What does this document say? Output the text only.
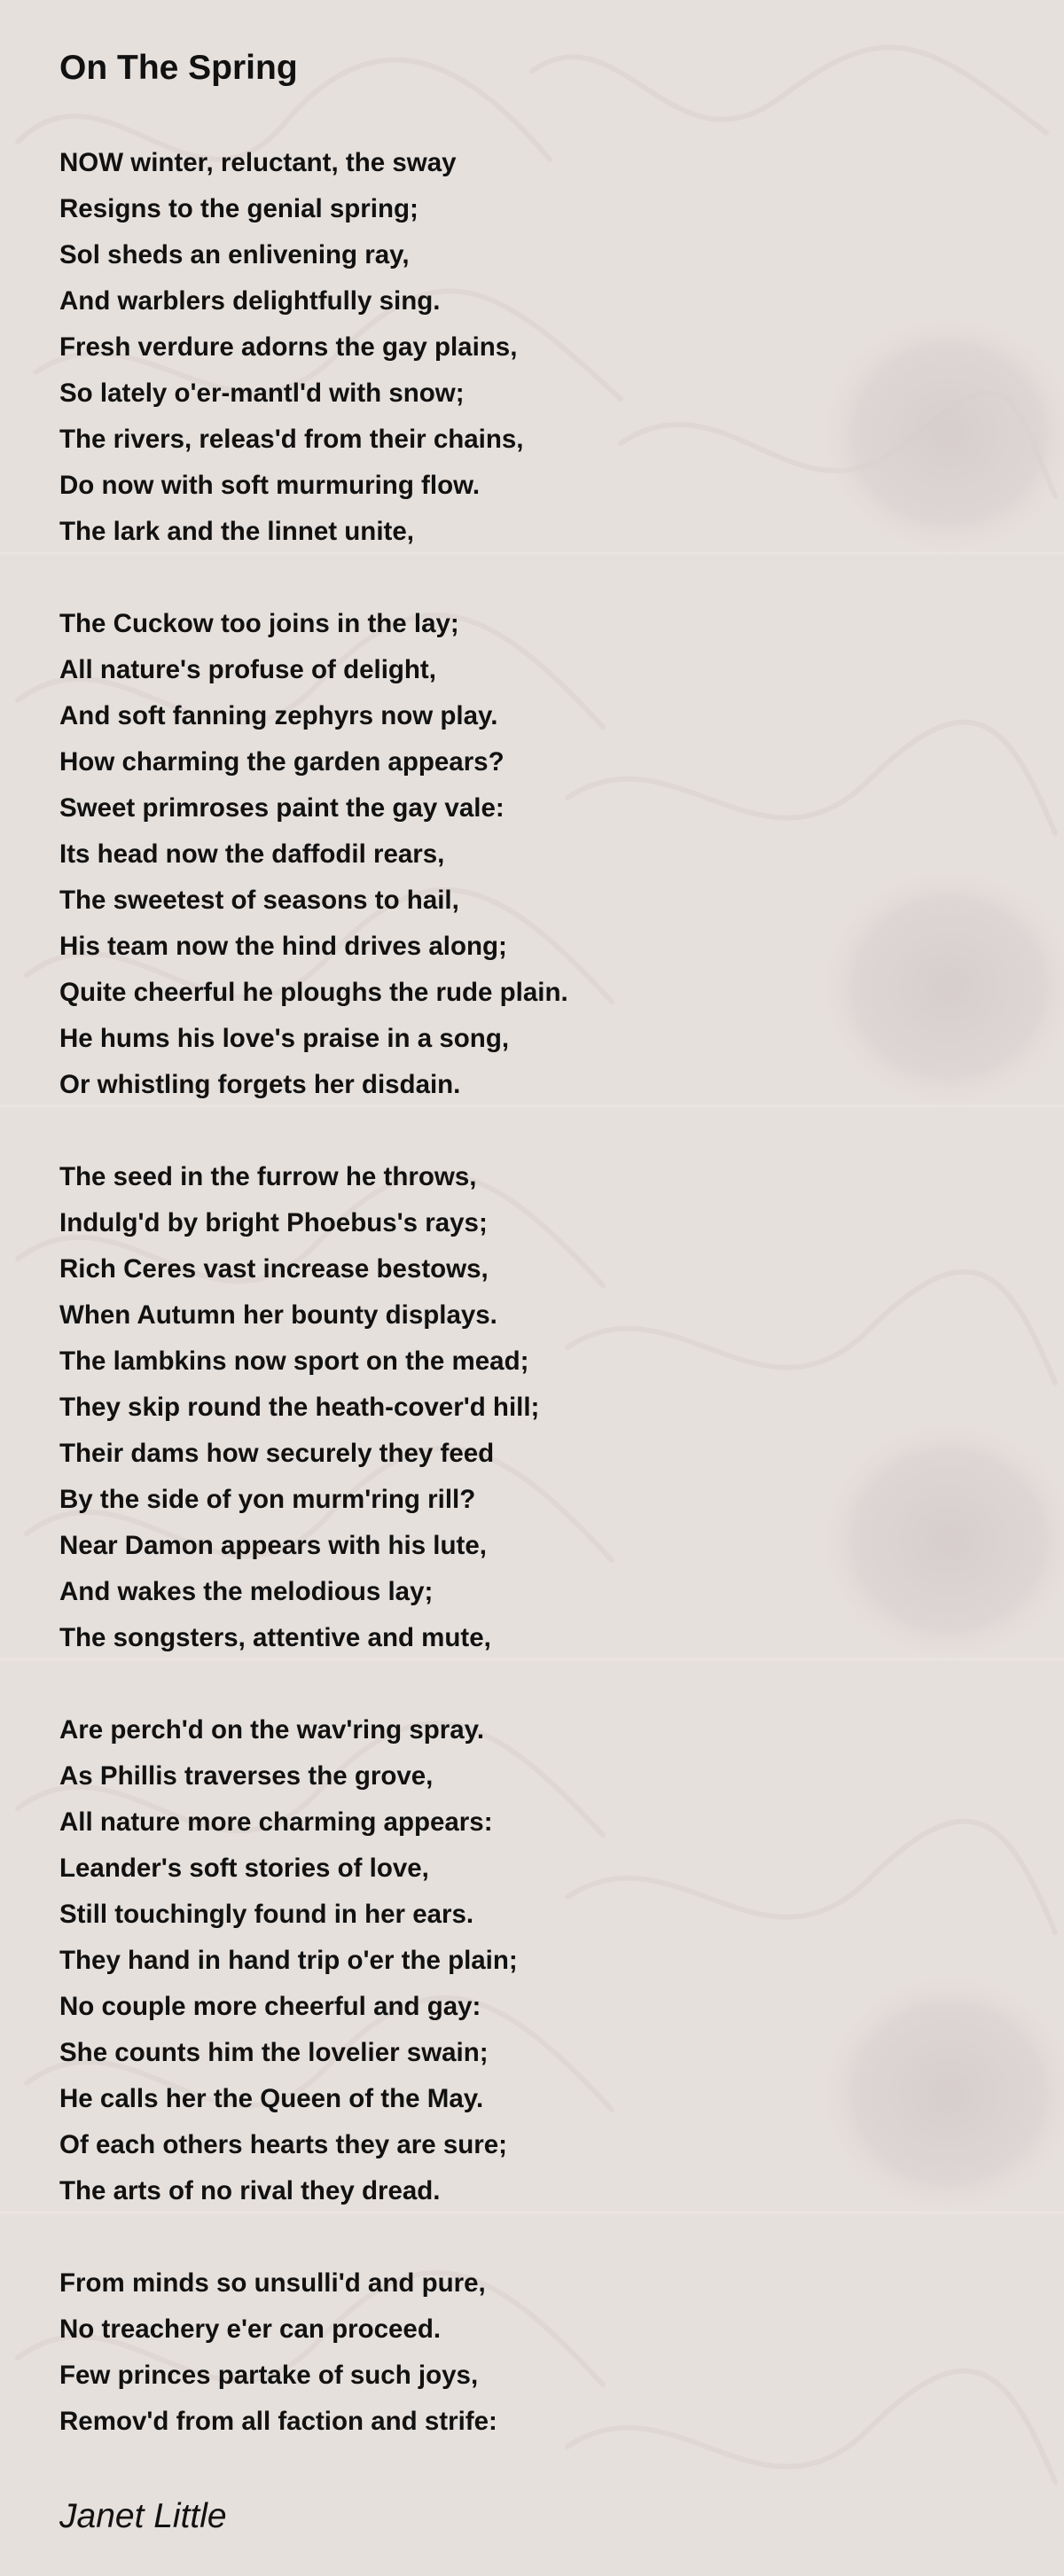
On The Spring
NOW winter, reluctant, the sway
Resigns to the genial spring;
Sol sheds an enlivening ray,
And warblers delightfully sing.
Fresh verdure adorns the gay plains,
So lately o'er-mantl'd with snow;
The rivers, releas'd from their chains,
Do now with soft murmuring flow.
The lark and the linnet unite,
The Cuckow too joins in the lay;
All nature's profuse of delight,
And soft fanning zephyrs now play.
How charming the garden appears?
Sweet primroses paint the gay vale:
Its head now the daffodil rears,
The sweetest of seasons to hail,
His team now the hind drives along;
Quite cheerful he ploughs the rude plain.
He hums his love's praise in a song,
Or whistling forgets her disdain.
The seed in the furrow he throws,
Indulg'd by bright Phoebus's rays;
Rich Ceres vast increase bestows,
When Autumn her bounty displays.
The lambkins now sport on the mead;
They skip round the heath-cover'd hill;
Their dams how securely they feed
By the side of yon murm'ring rill?
Near Damon appears with his lute,
And wakes the melodious lay;
The songsters, attentive and mute,
Are perch'd on the wav'ring spray.
As Phillis traverses the grove,
All nature more charming appears:
Leander's soft stories of love,
Still touchingly found in her ears.
They hand in hand trip o'er the plain;
No couple more cheerful and gay:
She counts him the lovelier swain;
He calls her the Queen of the May.
Of each others hearts they are sure;
The arts of no rival they dread.
From minds so unsulli'd and pure,
No treachery e'er can proceed.
Few princes partake of such joys,
Remov'd from all faction and strife:
Janet Little
